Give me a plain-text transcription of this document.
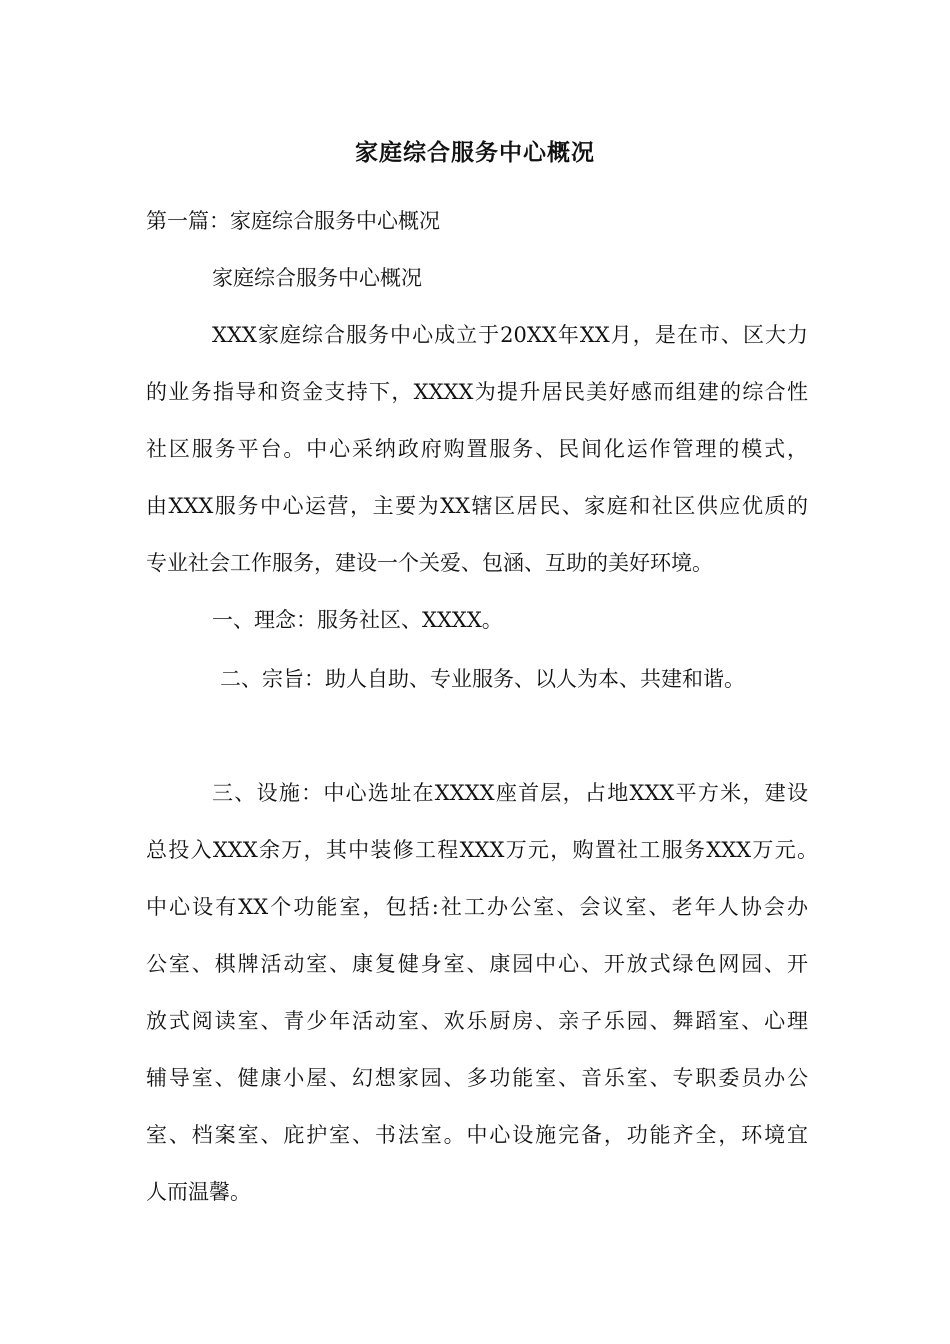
家庭综合服务中心概况
第一篇：家庭综合服务中心概况
家庭综合服务中心概况
XXX家庭综合服务中心成立于20XX年XX月，是在市、区大力
的业务指导和资金支持下，XXXX为提升居民美好感而组建的综合性
社区服务平台。中心采纳政府购置服务、民间化运作管理的模式，
由XXX服务中心运营，主要为XX辖区居民、家庭和社区供应优质的
专业社会工作服务，建设一个关爱、包涵、互助的美好环境。
一、理念：服务社区、XXXX。
二、宗旨：助人自助、专业服务、以人为本、共建和谐。
三、设施：中心选址在XXXX座首层，占地XXX平方米，建设
总投入XXX余万，其中装修工程XXX万元，购置社工服务XXX万元。
中心设有XX个功能室，包括:社工办公室、会议室、老年人协会办
公室、棋牌活动室、康复健身室、康园中心、开放式绿色网园、开
放式阅读室、青少年活动室、欢乐厨房、亲子乐园、舞蹈室、心理
辅导室、健康小屋、幻想家园、多功能室、音乐室、专职委员办公
室、档案室、庇护室、书法室。中心设施完备，功能齐全，环境宜
人而温馨。
